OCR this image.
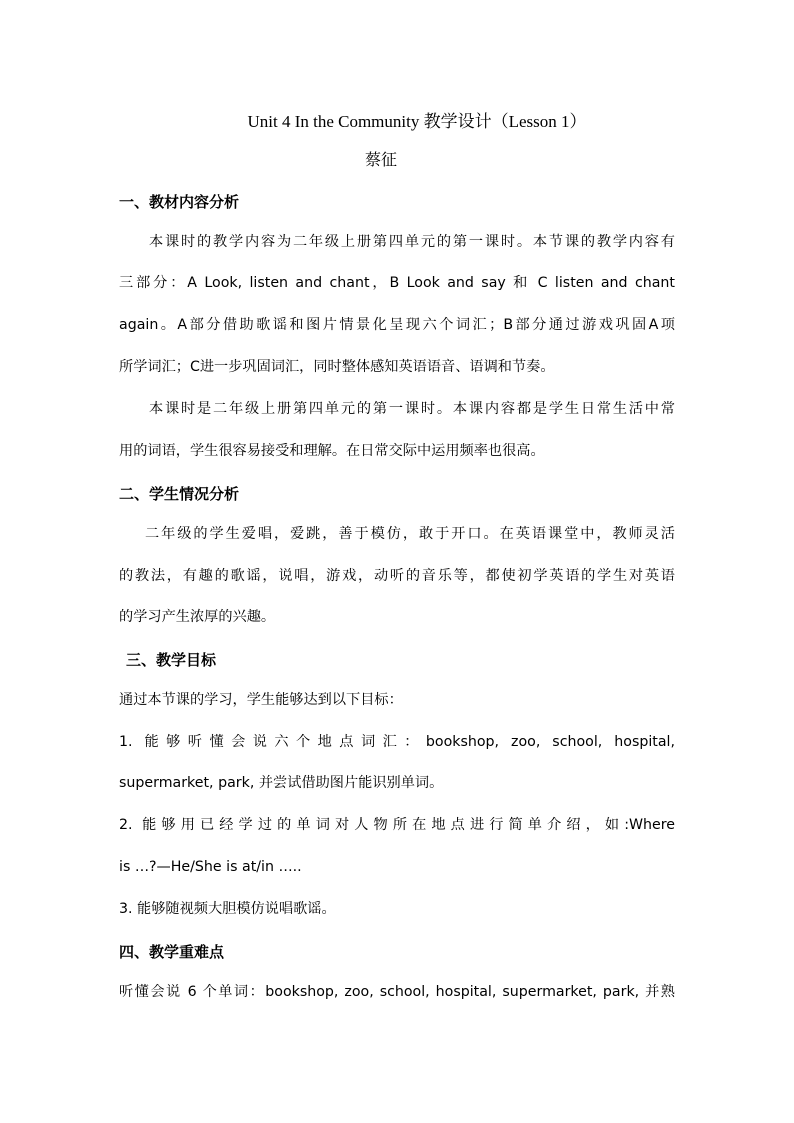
Unit 4 In the Community 教学设计（Lesson 1）
蔡征
一、教材内容分析
本课时的教学内容为二年级上册第四单元的第一课时。本节课的教学内容有
三部分：A Look, listen and chant，B Look and say 和 C listen and chant
again。A部分借助歌谣和图片情景化呈现六个词汇；B部分通过游戏巩固A项
所学词汇；C进一步巩固词汇，同时整体感知英语语音、语调和节奏。
本课时是二年级上册第四单元的第一课时。本课内容都是学生日常生活中常
用的词语，学生很容易接受和理解。在日常交际中运用频率也很高。
二、学生情况分析
二年级的学生爱唱，爱跳，善于模仿，敢于开口。在英语课堂中，教师灵活
的教法，有趣的歌谣，说唱，游戏，动听的音乐等，都使初学英语的学生对英语
的学习产生浓厚的兴趣。
三、教学目标
通过本节课的学习，学生能够达到以下目标：
1. 能够听懂会说六个地点词汇：bookshop, zoo, school, hospital,
supermarket, park, 并尝试借助图片能识别单词。
2. 能够用已经学过的单词对人物所在地点进行简单介绍，如:Where
is …?—He/She is at/in …..
3. 能够随视频大胆模仿说唱歌谣。
四、教学重难点
听懂会说 6 个单词：bookshop, zoo, school, hospital, supermarket, park, 并熟
